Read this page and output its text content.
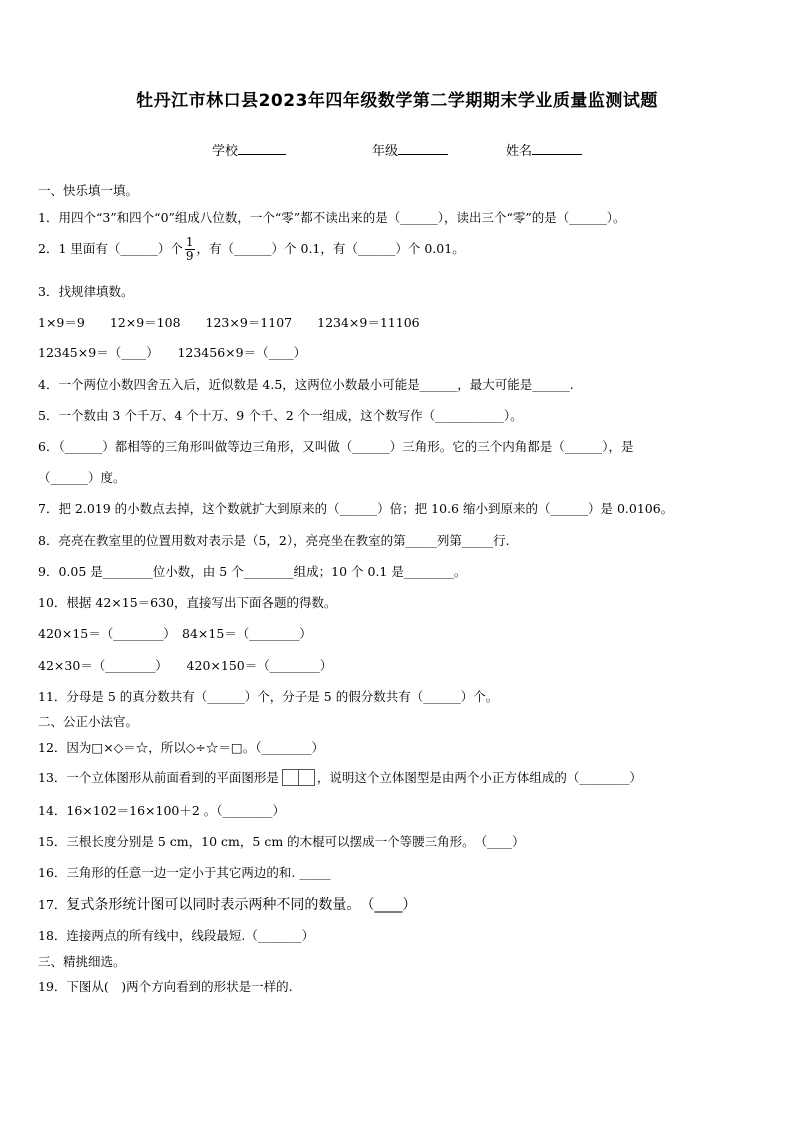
牡丹江市林口县2023年四年级数学第二学期期末学业质量监测试题
学校	年级	姓名
一、快乐填一填。
1．用四个“3”和四个“0”组成八位数，一个“零”都不读出来的是（______），读出三个“零”的是（______）。
2．1 里面有（______）个 $\frac{1}{9}$ ，有（______）个 0.1，有（______）个 0.01。
3．找规律填数。
1×9＝9　　12×9＝108　　123×9＝1107　　1234×9＝11106
12345×9＝（____）　　123456×9＝（____）
4．一个两位小数四舍五入后，近似数是 4.5，这两位小数最小可能是______，最大可能是______.
5．一个数由 3 个千万、4 个十万、9 个千、2 个一组成，这个数写作（___________）。
6．（______）都相等的三角形叫做等边三角形，又叫做（______）三角形。它的三个内角都是（______），是
（______）度。
7．把 2.019 的小数点去掉，这个数就扩大到原来的（______）倍；把 10.6 缩小到原来的（______）是 0.0106。
8．亮亮在教室里的位置用数对表示是（5，2），亮亮坐在教室的第_____列第_____行.
9．0.05 是________位小数，由 5 个________组成；10 个 0.1 是________。
10．根据 42×15＝630，直接写出下面各题的得数。
420×15＝（________）　84×15＝（________）
42×30＝（________）　　420×150＝（________）
11．分母是 5 的真分数共有（______）个，分子是 5 的假分数共有（______）个。
二、公正小法官。
12．因为□×◇＝☆，所以◇÷☆＝□。（________）
13．一个立体图形从前面看到的平面图形是	，说明这个立体图型是由两个小正方体组成的（________）
14．16×102＝16×100＋2 。（________）
15．三根长度分别是 5 cm，10 cm，5 cm 的木棍可以摆成一个等腰三角形。　（____）
16．三角形的任意一边一定小于其它两边的和. _____
17．复式条形统计图可以同时表示两种不同的数量。　（____）
18．连接两点的所有线中，线段最短.（_______）
三、精挑细选。
19．下图从(　)两个方向看到的形状是一样的.
